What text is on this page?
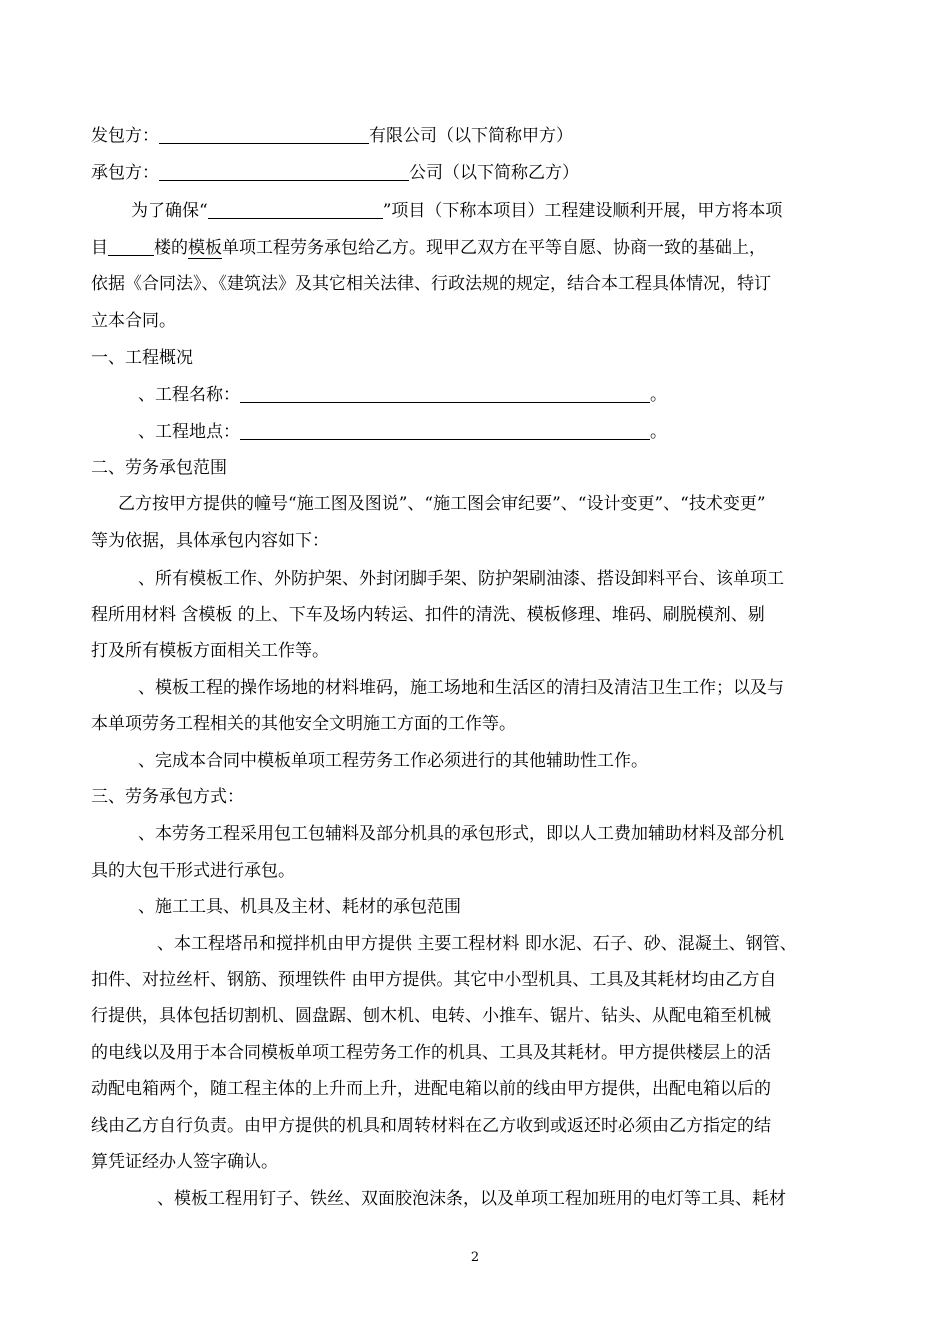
发包方：	有限公司（以下简称甲方）
承包方：	公司（以下简称乙方）
为了确保“	”项目（下称本项目）工程建设顺利开展，甲方将本项
目	楼的模板单项工程劳务承包给乙方。现甲乙双方在平等自愿、协商一致的基础上，
依据《合同法》、《建筑法》及其它相关法律、行政法规的规定，结合本工程具体情况，特订
立本合同。
一、工程概况
、工程名称：	。
、工程地点：	。
二、劳务承包范围
乙方按甲方提供的幢号“施工图及图说”、“施工图会审纪要”、“设计变更”、“技术变更”
等为依据，具体承包内容如下：
、所有模板工作、外防护架、外封闭脚手架、防护架刷油漆、搭设卸料平台、该单项工
程所用材料 含模板 的上、下车及场内转运、扣件的清洗、模板修理、堆码、刷脱模剂、剔
打及所有模板方面相关工作等。
、模板工程的操作场地的材料堆码，施工场地和生活区的清扫及清洁卫生工作；以及与
本单项劳务工程相关的其他安全文明施工方面的工作等。
、完成本合同中模板单项工程劳务工作必须进行的其他辅助性工作。
三、劳务承包方式：
、本劳务工程采用包工包辅料及部分机具的承包形式，即以人工费加辅助材料及部分机
具的大包干形式进行承包。
、施工工具、机具及主材、耗材的承包范围
、本工程塔吊和搅拌机由甲方提供 主要工程材料 即水泥、石子、砂、混凝土、钢管、
扣件、对拉丝杆、钢筋、预埋铁件 由甲方提供。其它中小型机具、工具及其耗材均由乙方自
行提供，具体包括切割机、圆盘踞、刨木机、电转、小推车、锯片、钻头、从配电箱至机械
的电线以及用于本合同模板单项工程劳务工作的机具、工具及其耗材。甲方提供楼层上的活
动配电箱两个，随工程主体的上升而上升，进配电箱以前的线由甲方提供，出配电箱以后的
线由乙方自行负责。由甲方提供的机具和周转材料在乙方收到或返还时必须由乙方指定的结
算凭证经办人签字确认。
、模板工程用钉子、铁丝、双面胶泡沫条，以及单项工程加班用的电灯等工具、耗材
2
